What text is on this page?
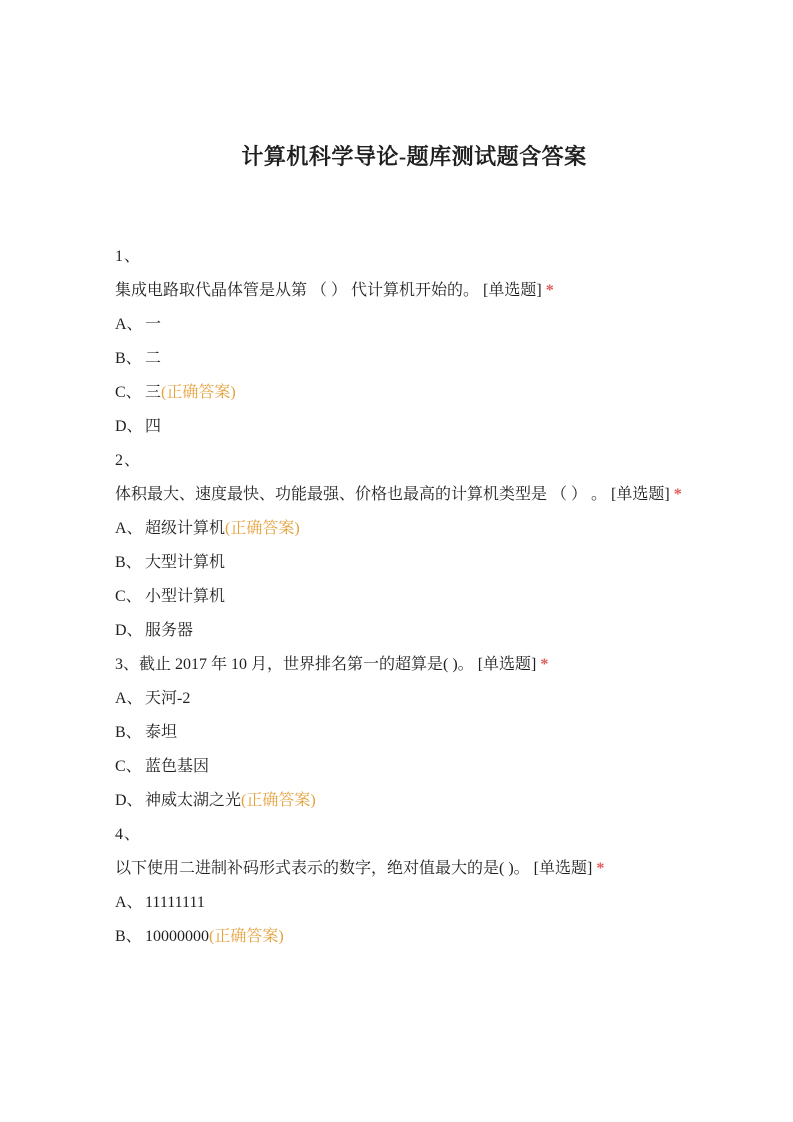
计算机科学导论-题库测试题含答案

1、

集成电路取代晶体管是从第 （ ） 代计算机开始的。 [单选题] *

A、 一

B、 二

C、 三(正确答案)

D、 四

2、

体积最大、速度最快、功能最强、价格也最高的计算机类型是 （ ） 。 [单选题] *

A、 超级计算机(正确答案)

B、 大型计算机

C、 小型计算机

D、 服务器

3、截止 2017 年 10 月，世界排名第一的超算是( )。 [单选题] *

A、 天河-2

B、 泰坦

C、 蓝色基因

D、 神威太湖之光(正确答案)

4、

以下使用二进制补码形式表示的数字，绝对值最大的是( )。 [单选题] *

A、 11111111

B、 10000000(正确答案)
